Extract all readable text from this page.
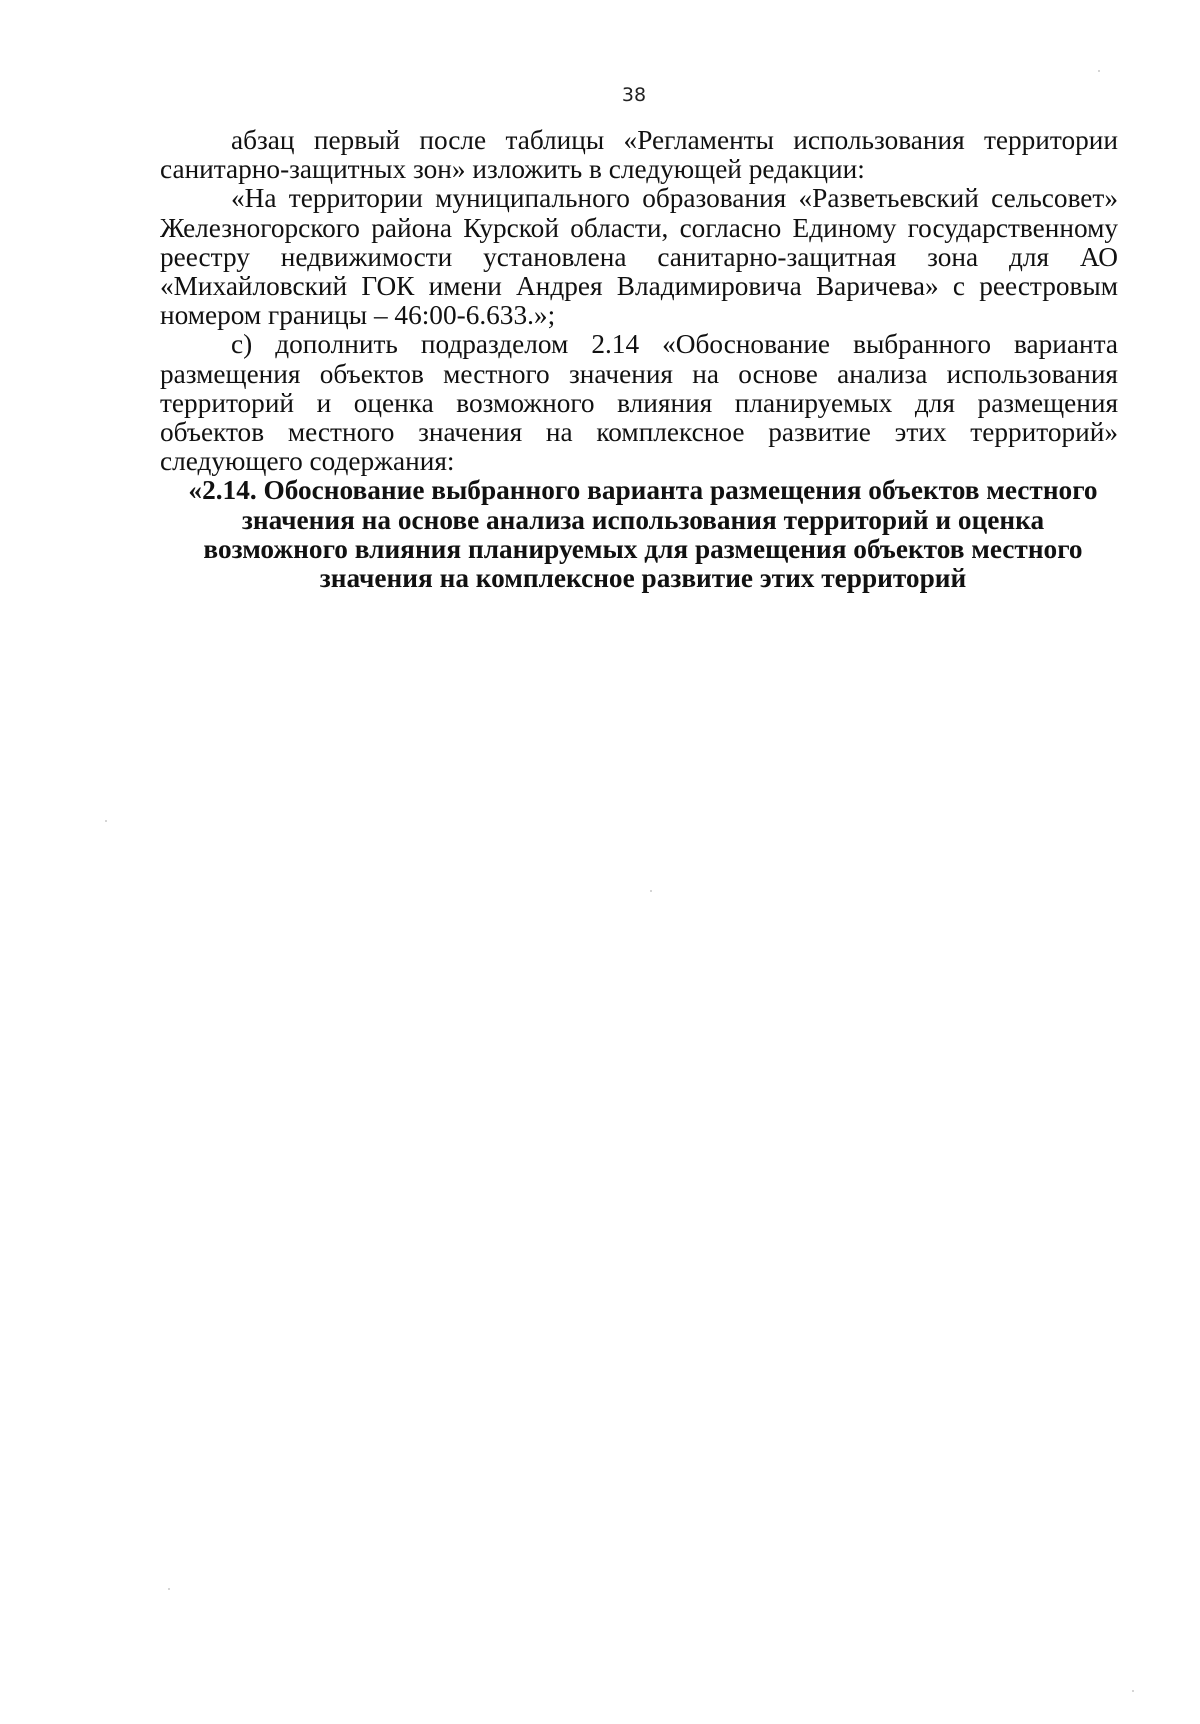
38

абзац первый после таблицы «Регламенты использования территории санитарно-защитных зон» изложить в следующей редакции:

«На территории муниципального образования «Разветьевский сельсовет» Железногорского района Курской области, согласно Единому государственному реестру недвижимости установлена санитарно-защитная зона для АО «Михайловский ГОК имени Андрея Владимировича Варичева» с реестровым номером границы – 46:00-6.633.»;

с) дополнить подразделом 2.14 «Обоснование выбранного варианта размещения объектов местного значения на основе анализа использования территорий и оценка возможного влияния планируемых для размещения объектов местного значения на комплексное развитие этих территорий» следующего содержания:

«2.14. Обоснование выбранного варианта размещения объектов местного значения на основе анализа использования территорий и оценка возможного влияния планируемых для размещения объектов местного значения на комплексное развитие этих территорий
